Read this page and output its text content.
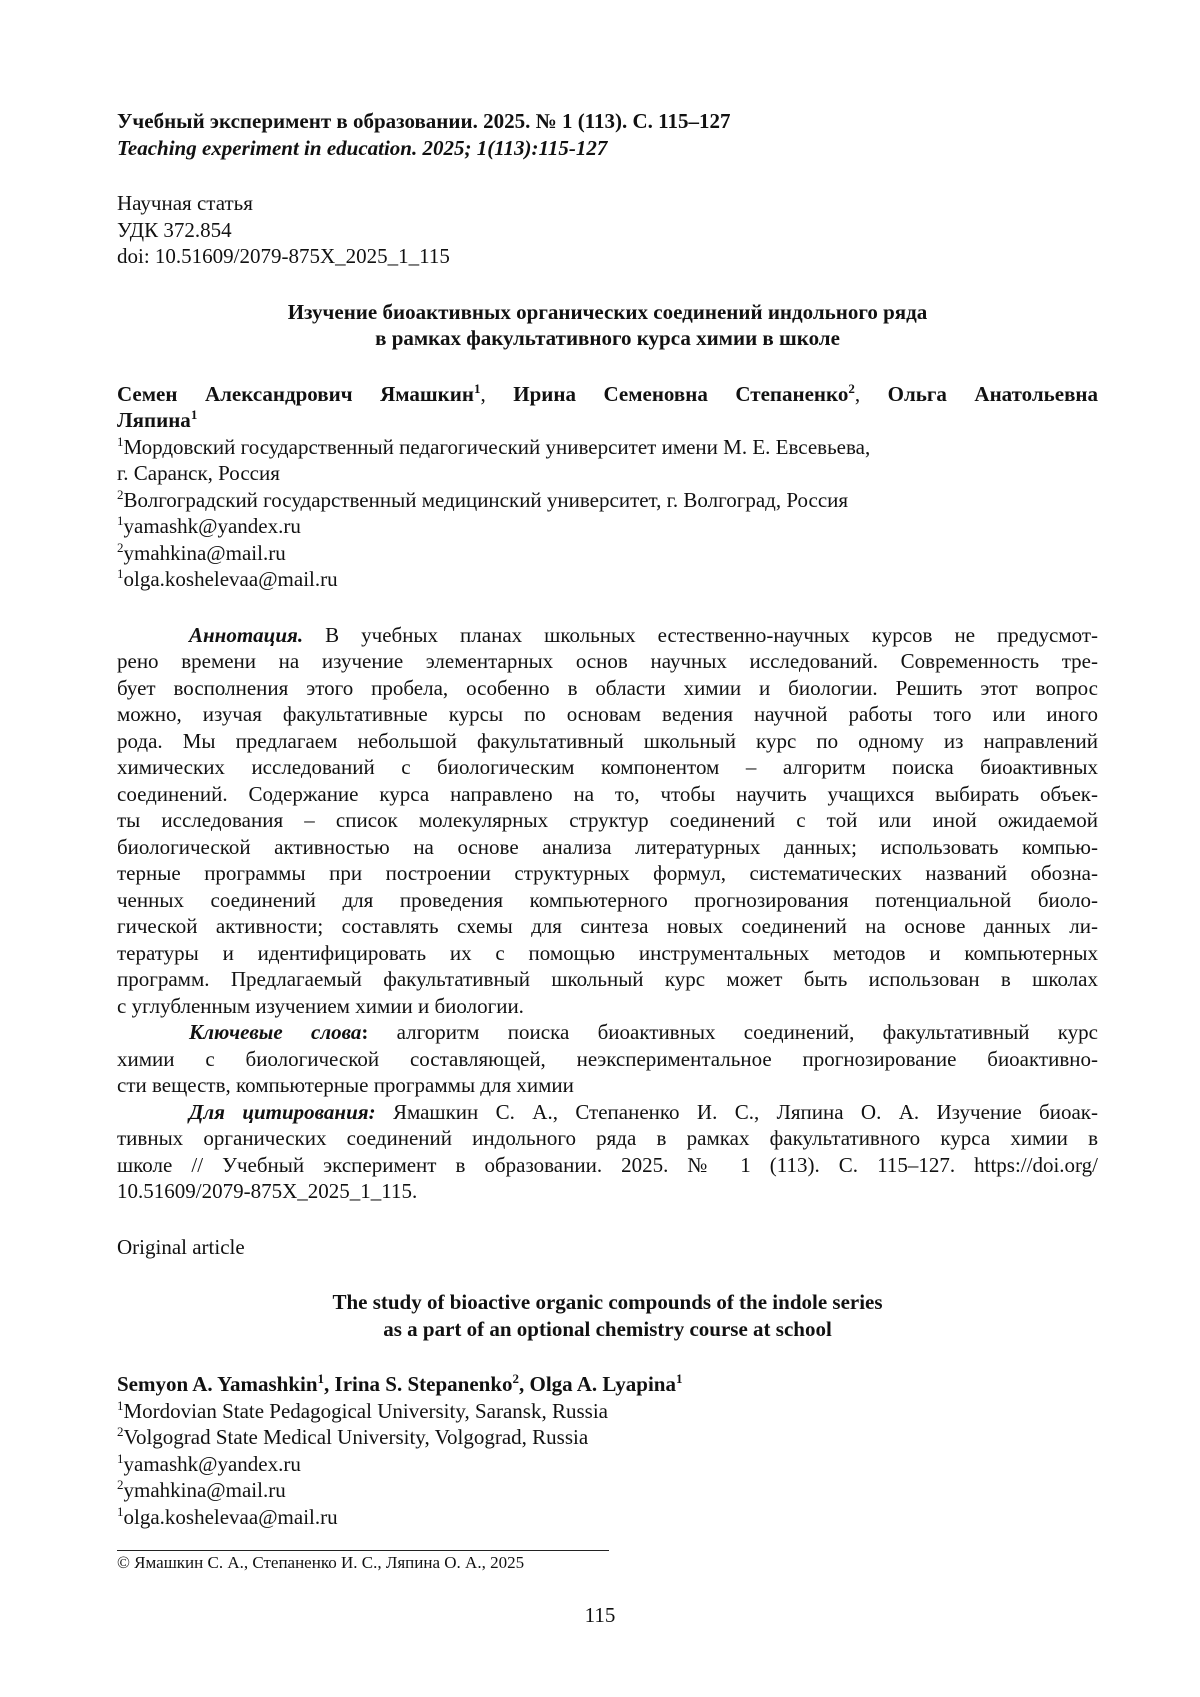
Учебный эксперимент в образовании. 2025. № 1 (113). С. 115–127
Teaching experiment in education. 2025; 1(113):115-127
Научная статья
УДК 372.854
doi: 10.51609/2079-875X_2025_1_115
Изучение биоактивных органических соединений индольного ряда
в рамках факультативного курса химии в школе
Семен Александрович Ямашкин$^1$, Ирина Семеновна Степаненко$^2$, Ольга Анатольевна
Ляпина$^1$
$^1$Мордовский государственный педагогический университет имени М. Е. Евсевьева,
г. Саранск, Россия
$^2$Волгоградский государственный медицинский университет, г. Волгоград, Россия
$^1$yamashk@yandex.ru
$^2$ymahkina@mail.ru
$^1$olga.koshelevaa@mail.ru
Аннотация. В учебных планах школьных естественно-научных курсов не предусмот-
рено времени на изучение элементарных основ научных исследований. Современность тре-
бует восполнения этого пробела, особенно в области химии и биологии. Решить этот вопрос
можно, изучая факультативные курсы по основам ведения научной работы того или иного
рода. Мы предлагаем небольшой факультативный школьный курс по одному из направлений
химических исследований с биологическим компонентом – алгоритм поиска биоактивных
соединений. Содержание курса направлено на то, чтобы научить учащихся выбирать объек-
ты исследования – список молекулярных структур соединений с той или иной ожидаемой
биологической активностью на основе анализа литературных данных; использовать компью-
терные программы при построении структурных формул, систематических названий обозна-
ченных соединений для проведения компьютерного прогнозирования потенциальной биоло-
гической активности; составлять схемы для синтеза новых соединений на основе данных ли-
тературы и идентифицировать их с помощью инструментальных методов и компьютерных
программ. Предлагаемый факультативный школьный курс может быть использован в школах
с углубленным изучением химии и биологии.
Ключевые слова: алгоритм поиска биоактивных соединений, факультативный курс
химии с биологической составляющей, неэкспериментальное прогнозирование биоактивно-
сти веществ, компьютерные программы для химии
Для цитирования: Ямашкин С. А., Степаненко И. С., Ляпина О. А. Изучение биоак-
тивных органических соединений индольного ряда в рамках факультативного курса химии в
школе // Учебный эксперимент в образовании. 2025. № 1 (113). С. 115–127. https://doi.org/
10.51609/2079-875X_2025_1_115.
Original article
The study of bioactive organic compounds of the indole series
as a part of an optional chemistry course at school
Semyon A. Yamashkin$^1$, Irina S. Stepanenko$^2$, Olga A. Lyapina$^1$
$^1$Mordovian State Pedagogical University, Saransk, Russia
$^2$Volgograd State Medical University, Volgograd, Russia
$^1$yamashk@yandex.ru
$^2$ymahkina@mail.ru
$^1$olga.koshelevaa@mail.ru
© Ямашкин С. А., Степаненко И. С., Ляпина О. А., 2025
115
